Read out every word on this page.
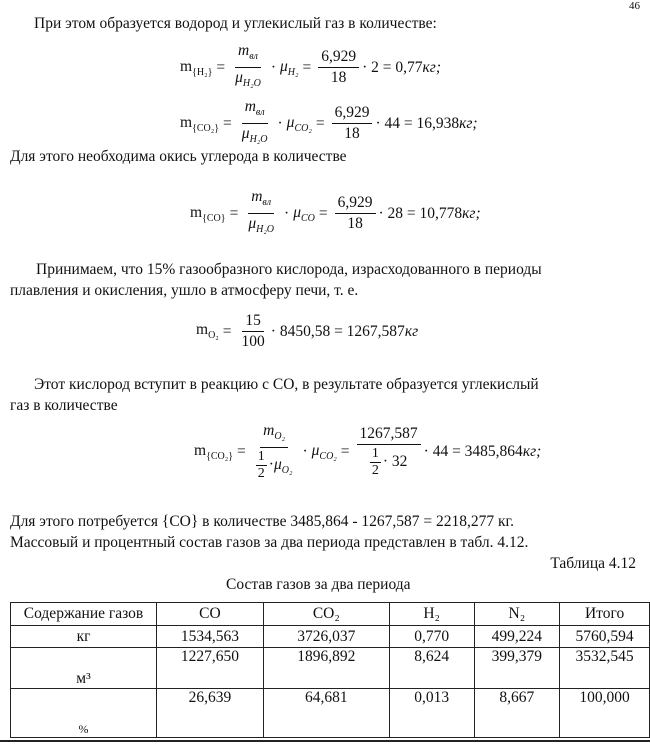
46
При этом образуется водород и углекислый газ в количестве:
$m_{\{H_2\}} = \frac{m_{вл}}{\mu_{H_2O}} \cdot \mu_{H_2} = \frac{6,929}{18} \cdot 2 = 0,77$ кг;
$m_{\{CO_2\}} = \frac{m_{вл}}{\mu_{H_2O}} \cdot \mu_{CO_2} = \frac{6,929}{18} \cdot 44 = 16,938$ кг;
Для этого необходима окись углерода в количестве
$m_{\{CO\}} = \frac{m_{вл}}{\mu_{H_2O}} \cdot \mu_{CO} = \frac{6,929}{18} \cdot 28 = 10,778$ кг;
Принимаем, что 15% газообразного кислорода, израсходованного в периоды
плавления и окисления, ушло в атмосферу печи, т. е.
$m_{O_2} = \frac{15}{100} \cdot 8450,58 = 1267,587$ кг
Этот кислород вступит в реакцию с CO, в результате образуется углекислый
газ в количестве
$m_{\{CO_2\}} = \frac{m_{O_2}}{\frac{1}{2} \cdot\mu_{O_2}} \cdot \mu_{CO_2} = \frac{1267,587}{\frac{1}{2} \cdot 32} \cdot 44 = 3485,864$ кг;
Для этого потребуется {CO} в количестве 3485,864 - 1267,587 = 2218,277 кг.
Массовый и процентный состав газов за два периода представлен в табл. 4.12.
Таблица 4.12
Состав газов за два периода
Содержание газов	CO	CO₂	H₂	N₂	Итого
кг	1534,563	3726,037	0,770	499,224	5760,594
м³	1227,650	1896,892	8,624	399,379	3532,545
%	26,639	64,681	0,013	8,667	100,000
